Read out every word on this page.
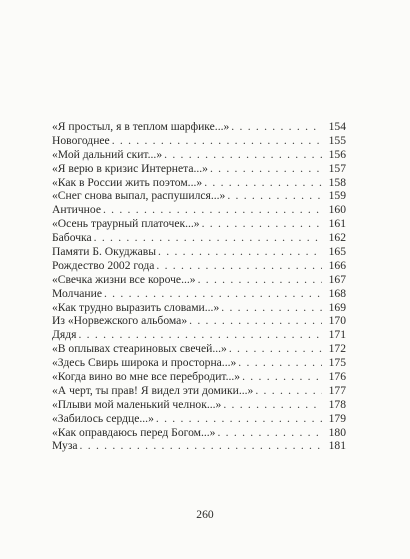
«Я простыл, я в теплом шарфике...» . . .	154
Новогоднее . . .	155
«Мой дальний скит...» . . .	156
«Я верю в кризис Интернета...» . . .	157
«Как в России жить поэтом...» . . .	158
«Снег снова выпал, распушился...» . . .	159
Античное . . .	160
«Осень траурный платочек...» . . .	161
Бабочка . . .	162
Памяти Б. Окуджавы . . .	165
Рождество 2002 года . . .	166
«Свечка жизни все короче...» . . .	167
Молчание . . .	168
«Как трудно выразить словами...» . . .	169
Из «Норвежского альбома» . . .	170
Дядя . . .	171
«В оплывах стеариновых свечей...» . . .	172
«Здесь Свирь широка и просторна...» . . .	175
«Когда вино во мне все перебродит...» . . .	176
«А черт, ты прав! Я видел эти домики...» . . .	177
«Плыви мой маленький челнок...» . . .	178
«Забилось сердце...» . . .	179
«Как оправдаюсь перед Богом...» . . .	180
Муза . . .	181
260
